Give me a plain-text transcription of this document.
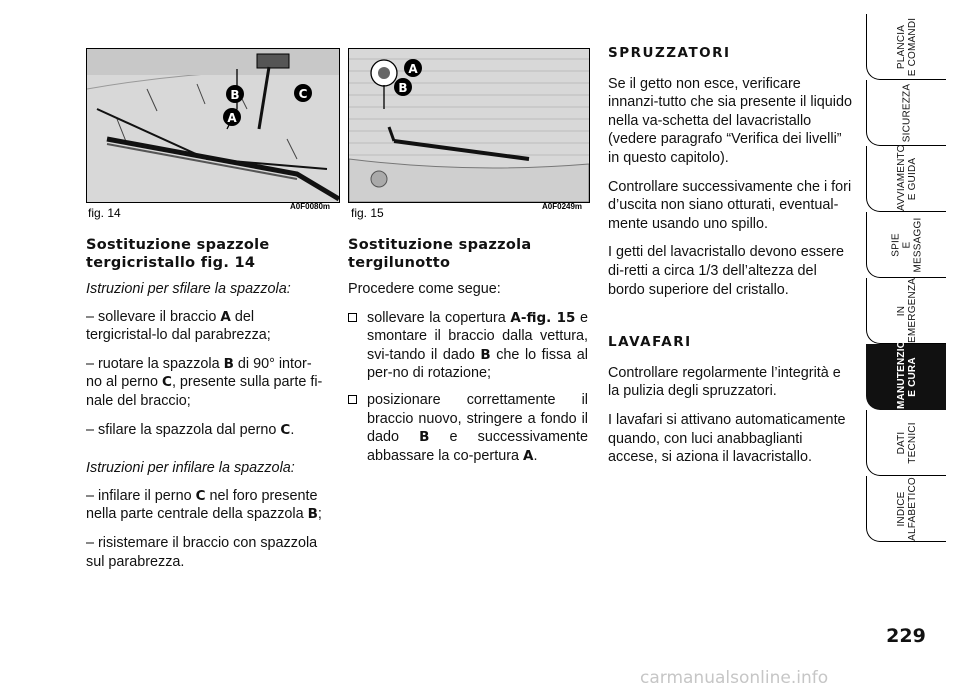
B	C
A
fig. 14	A0F0080m
A
B
fig. 15	A0F0249m
Sostituzione spazzole tergicristallo fig. 14

Istruzioni per sfilare la spazzola:

– sollevare il braccio A del tergicristal-lo dal parabrezza;

– ruotare la spazzola B di 90° intor-no al perno C, presente sulla parte fi-nale del braccio;

– sfilare la spazzola dal perno C.

Istruzioni per infilare la spazzola:

– infilare il perno C nel foro presente nella parte centrale della spazzola B;

– risistemare il braccio con spazzola sul parabrezza.

Sostituzione spazzola tergilunotto

Procedere come segue:

sollevare la copertura A-fig. 15 e smontare il braccio dalla vettura, svi-tando il dado B che lo fissa al per-no di rotazione;
posizionare correttamente il braccio nuovo, stringere a fondo il dado B e successivamente abbassare la co-pertura A.
SPRUZZATORI

Se il getto non esce, verificare innanzi-tutto che sia presente il liquido nella va-schetta del lavacristallo (vedere paragrafo “Verifica dei livelli” in questo capitolo).

Controllare successivamente che i fori d’uscita non siano otturati, eventual-mente usando uno spillo.

I getti del lavacristallo devono essere di-retti a circa 1/3 dell’altezza del bordo superiore del cristallo.

LAVAFARI

Controllare regolarmente l’integrità e la pulizia degli spruzzatori.

I lavafari si attivano automaticamente quando, con luci anabbaglianti accese, si aziona il lavacristallo.

PLANCIA
E COMANDI
SICUREZZA
AVVIAMENTO
E GUIDA
SPIE
E MESSAGGI
IN EMERGENZA
MANUTENZIONE
E CURA
DATI TECNICI
INDICE
ALFABETICO
229
carmanualsonline.info
